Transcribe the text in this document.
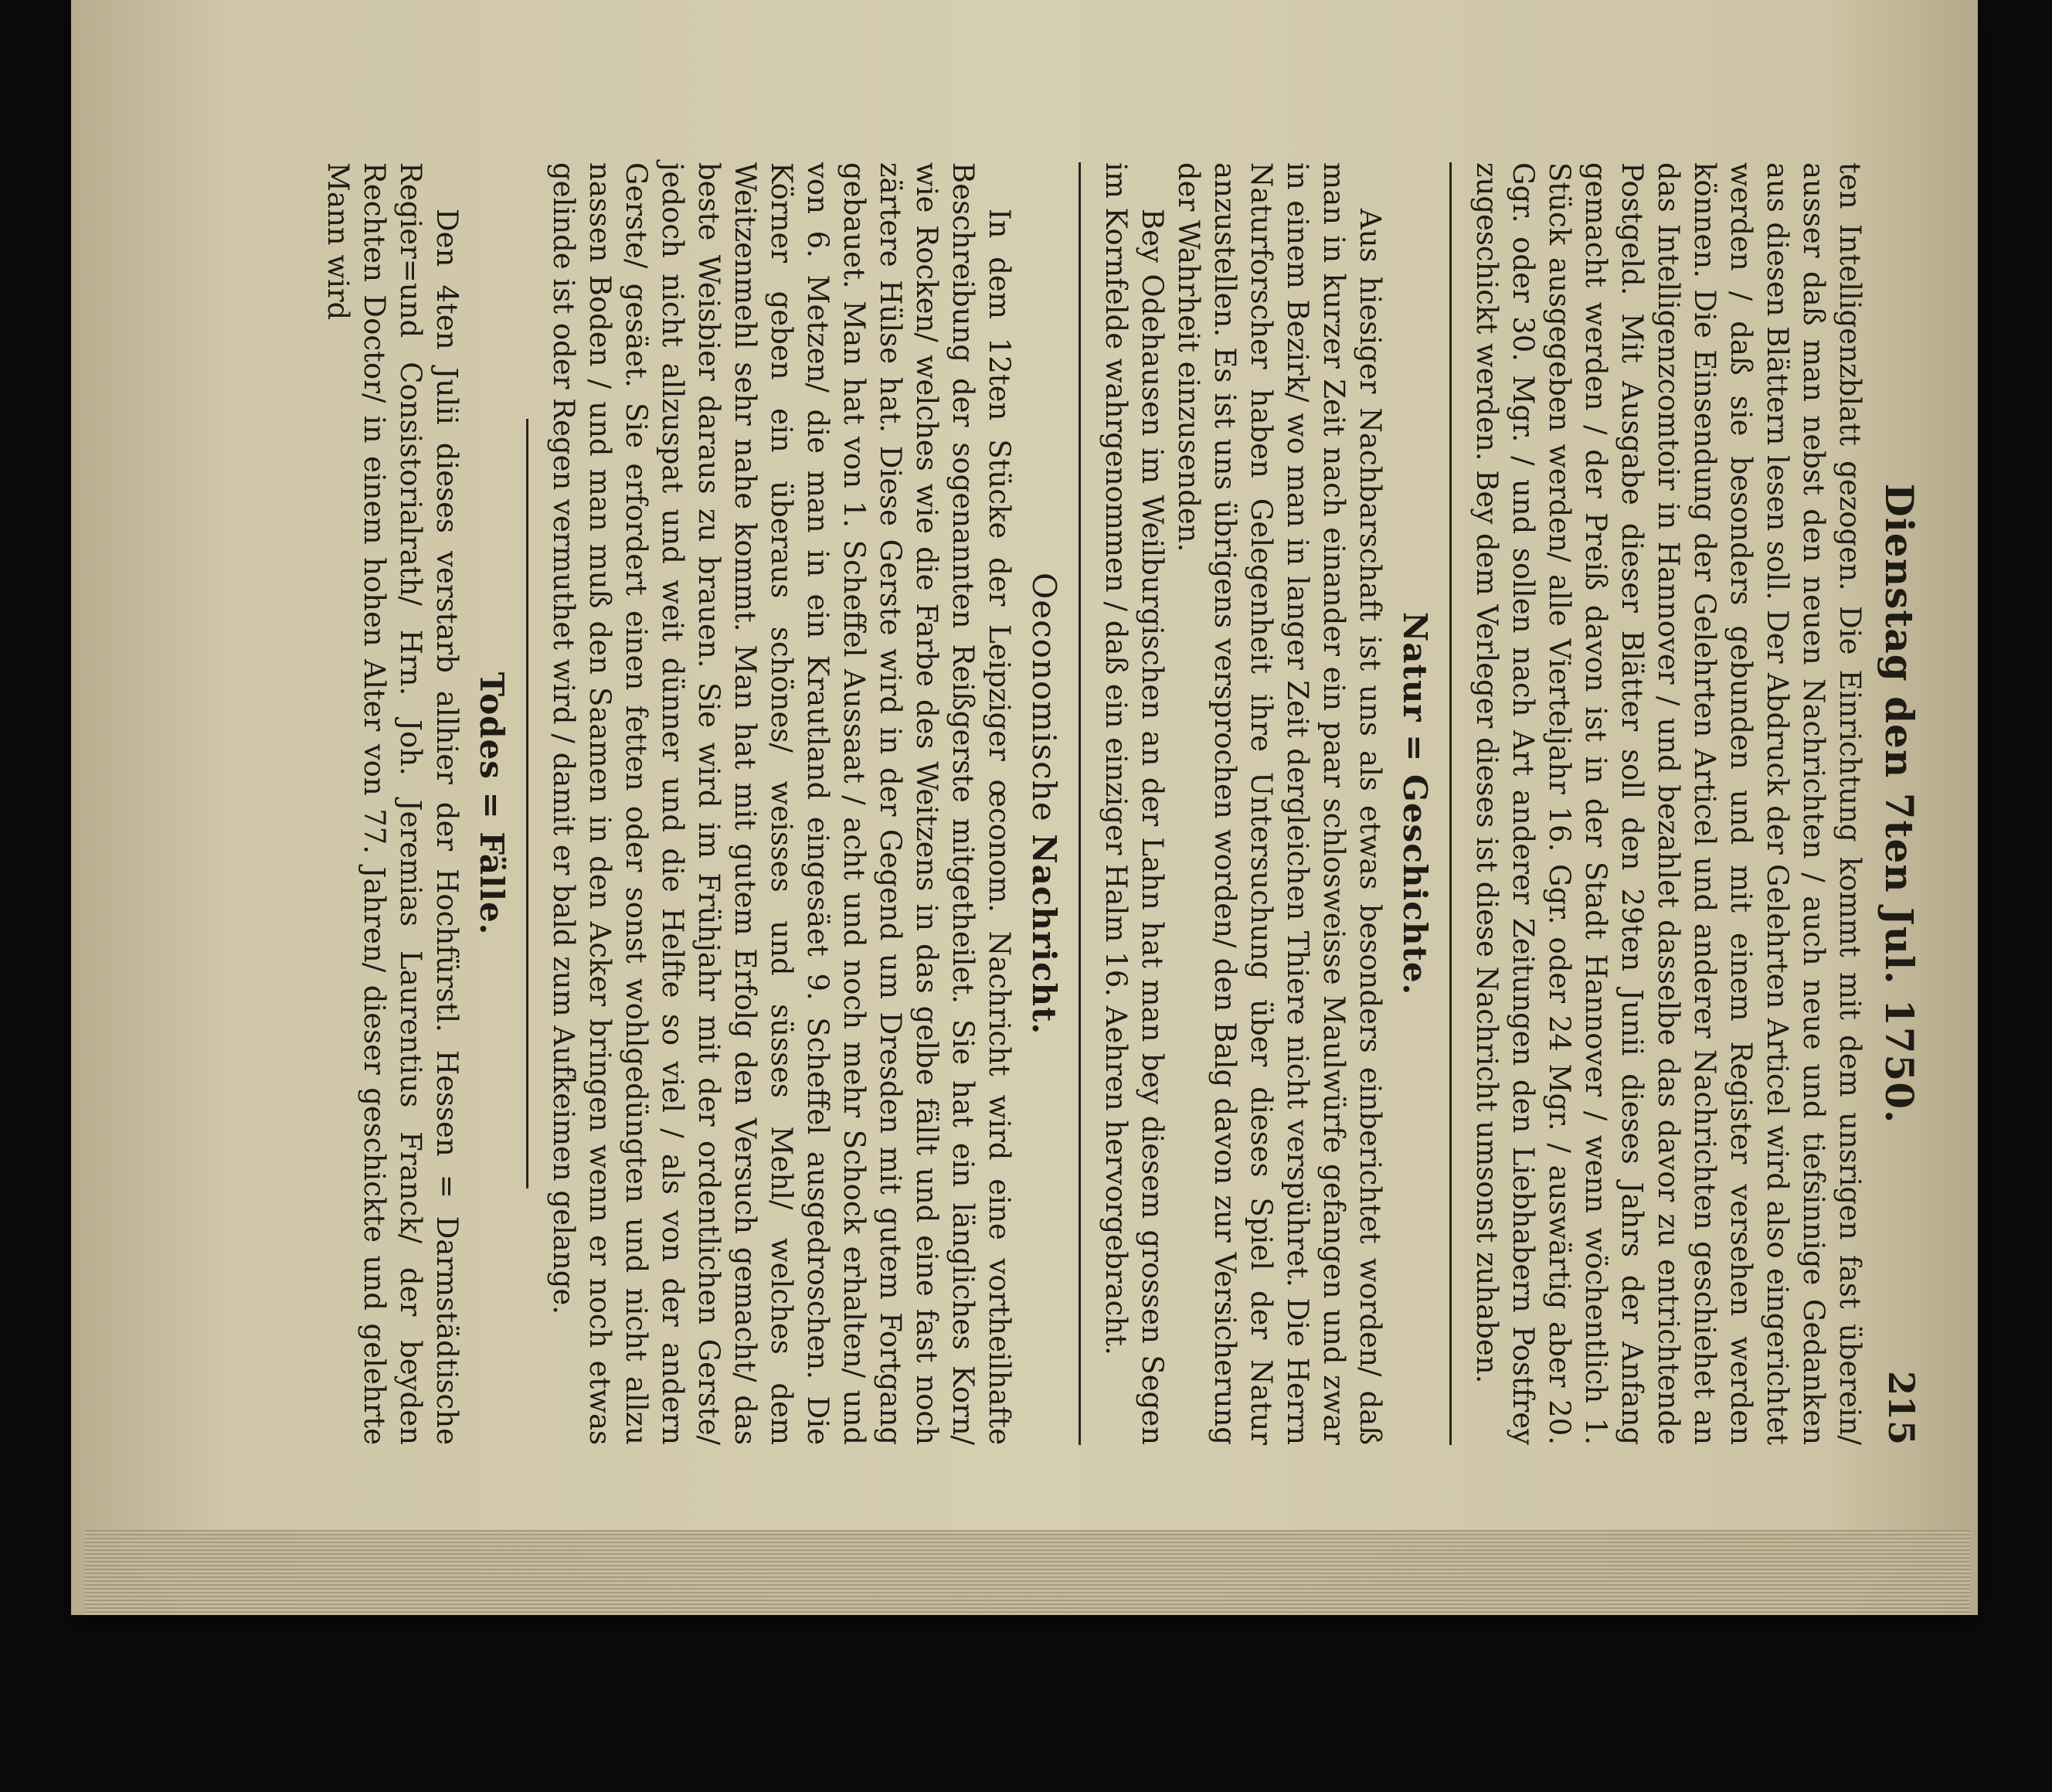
Dienstag den 7ten Jul. 1750.
215

ten Intelligenzblatt gezogen. Die Einrichtung kommt mit dem unsrigen fast überein/ ausser daß man nebst den neuen Nachrichten / auch neue und tiefsinnige Gedanken aus diesen Blättern lesen soll. Der Abdruck der Gelehrten Articel wird also eingerichtet werden / daß sie besonders gebunden und mit einem Register versehen werden können. Die Einsendung der Gelehrten Articel und anderer Nachrichten geschiehet an das Intelligenzcomtoir in Hannover / und bezahlet dasselbe das davor zu entrichtende Postgeld. Mit Ausgabe dieser Blätter soll den 29ten Junii dieses Jahrs der Anfang gemacht werden / der Preiß davon ist in der Stadt Hannover / wenn wöchentlich 1. Stück ausgegeben werden/ alle Vierteljahr 16. Ggr. oder 24 Mgr. / auswärtig aber 20. Ggr. oder 30. Mgr. / und sollen nach Art anderer Zeitungen den Liebhabern Postfrey zugeschickt werden. Bey dem Verleger dieses ist diese Nachricht umsonst zuhaben.

Natur = Geschichte.

Aus hiesiger Nachbarschaft ist uns als etwas besonders einberichtet worden/ daß man in kurzer Zeit nach einander ein paar schlosweisse Maulwürfe gefangen und zwar in einem Bezirk/ wo man in langer Zeit dergleichen Thiere nicht verspühret. Die Herrn Naturforscher haben Gelegenheit ihre Untersuchung über dieses Spiel der Natur anzustellen. Es ist uns übrigens versprochen worden/ den Balg davon zur Versicherung der Wahrheit einzusenden.

Bey Odehausen im Weilburgischen an der Lahn hat man bey diesem grossen Segen im Kornfelde wahrgenommen / daß ein einziger Halm 16. Aehren hervorgebracht.

Oeconomische Nachricht.

In dem 12ten Stücke der Leipziger œconom. Nachricht wird eine vortheilhafte Beschreibung der sogenannten Reißgerste mitgetheilet. Sie hat ein längliches Korn/ wie Rocken/ welches wie die Farbe des Weitzens in das gelbe fällt und eine fast noch zärtere Hülse hat. Diese Gerste wird in der Gegend um Dresden mit gutem Fortgang gebauet. Man hat von 1. Scheffel Aussaat / acht und noch mehr Schock erhalten/ und von 6. Metzen/ die man in ein Krautland eingesäet 9. Scheffel ausgedroschen. Die Körner geben ein überaus schönes/ weisses und süsses Mehl/ welches dem Weitzenmehl sehr nahe kommt. Man hat mit gutem Erfolg den Versuch gemacht/ das beste Weisbier daraus zu brauen. Sie wird im Frühjahr mit der ordentlichen Gerste/ jedoch nicht allzuspat und weit dünner und die Helfte so viel / als von der andern Gerste/ gesäet. Sie erfordert einen fetten oder sonst wohlgedüngten und nicht allzu nassen Boden / und man muß den Saamen in den Acker bringen wenn er noch etwas gelinde ist oder Regen vermuthet wird / damit er bald zum Aufkeimen gelange.

Todes = Fälle.

Den 4ten Julii dieses verstarb allhier der Hochfürstl. Hessen = Darmstädtische Regier=und Consistorialrath/ Hrn. Joh. Jeremias Laurentius Franck/ der beyden Rechten Doctor/ in einem hohen Alter von 77. Jahren/ dieser geschickte und gelehrte Mann wird
